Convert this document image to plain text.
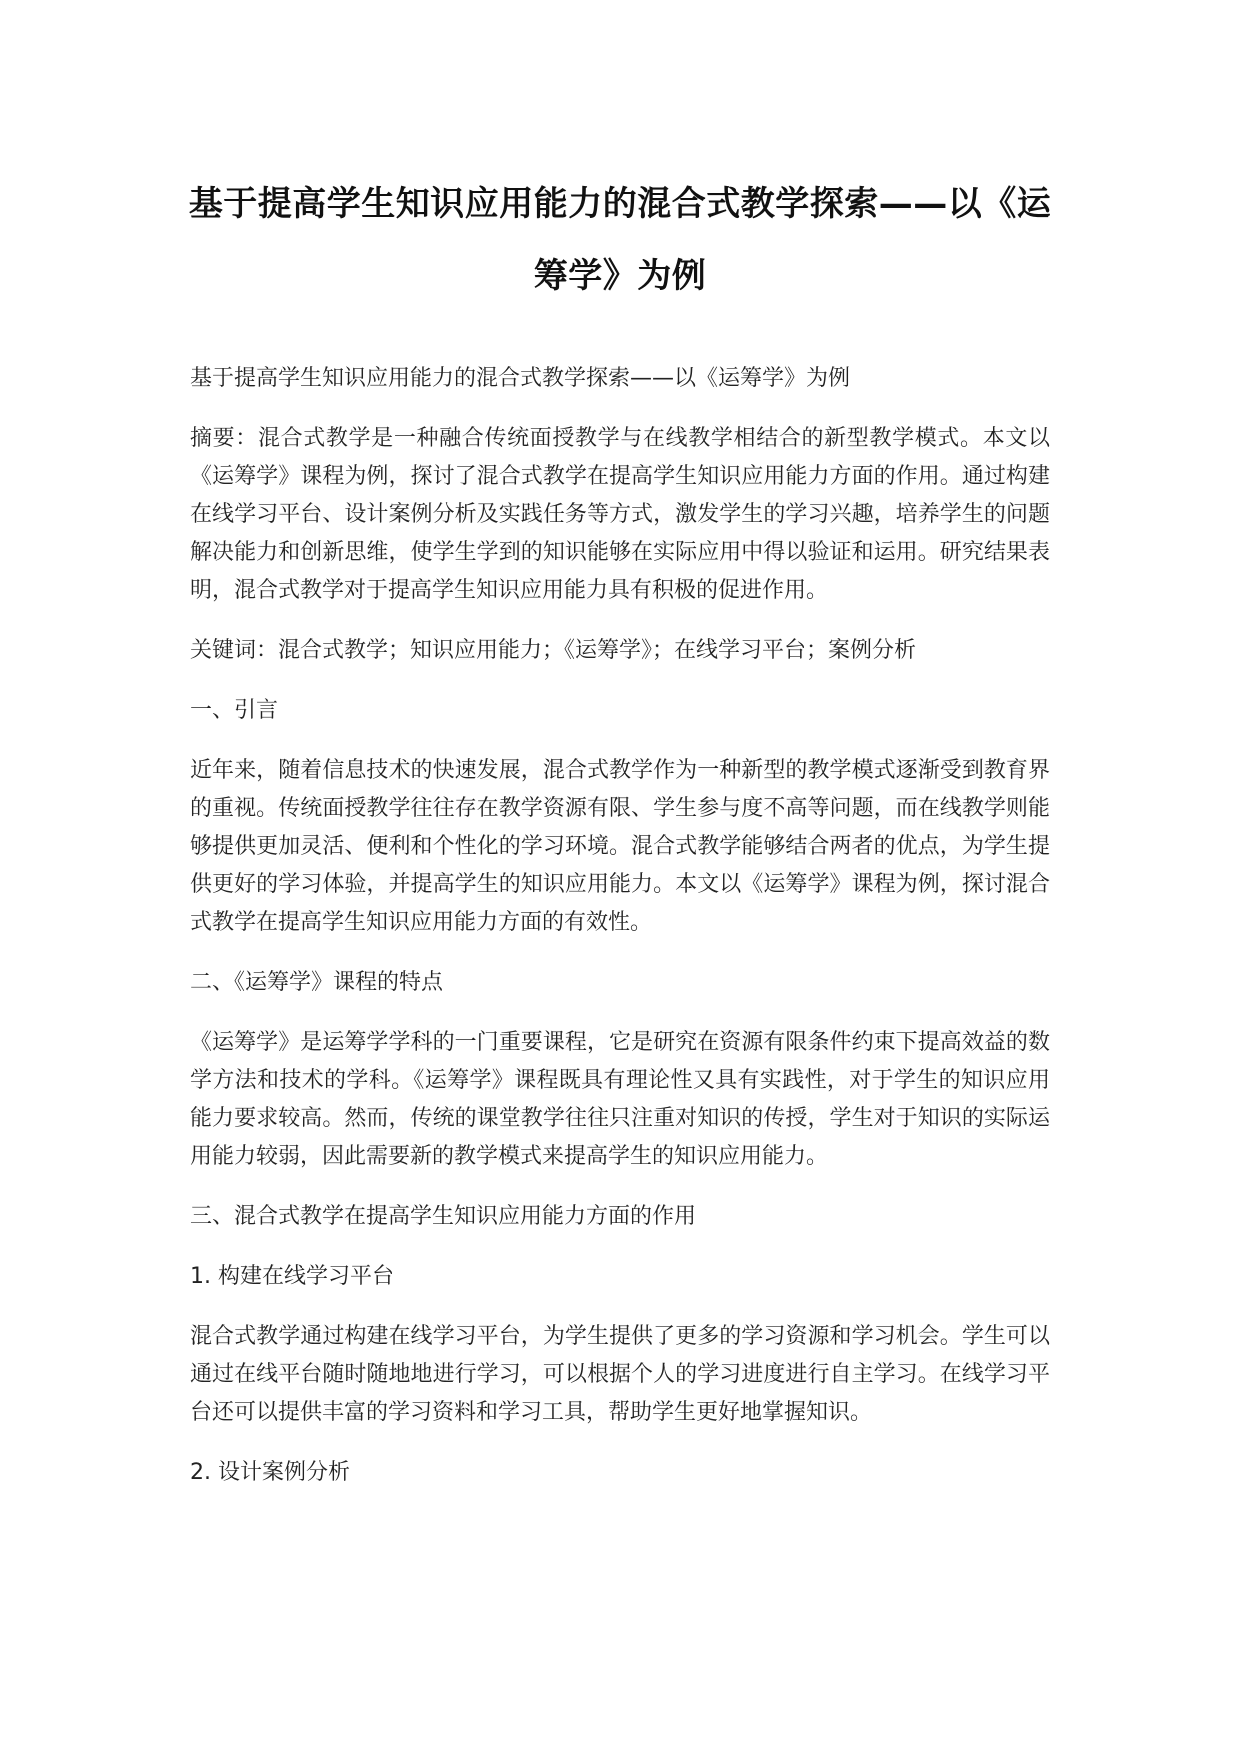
基于提高学生知识应用能力的混合式教学探索——以《运筹学》为例

基于提高学生知识应用能力的混合式教学探索——以《运筹学》为例

摘要：混合式教学是一种融合传统面授教学与在线教学相结合的新型教学模式。本文以《运筹学》课程为例，探讨了混合式教学在提高学生知识应用能力方面的作用。通过构建在线学习平台、设计案例分析及实践任务等方式，激发学生的学习兴趣，培养学生的问题解决能力和创新思维，使学生学到的知识能够在实际应用中得以验证和运用。研究结果表明，混合式教学对于提高学生知识应用能力具有积极的促进作用。

关键词：混合式教学；知识应用能力；《运筹学》；在线学习平台；案例分析

一、引言

近年来，随着信息技术的快速发展，混合式教学作为一种新型的教学模式逐渐受到教育界的重视。传统面授教学往往存在教学资源有限、学生参与度不高等问题，而在线教学则能够提供更加灵活、便利和个性化的学习环境。混合式教学能够结合两者的优点，为学生提供更好的学习体验，并提高学生的知识应用能力。本文以《运筹学》课程为例，探讨混合式教学在提高学生知识应用能力方面的有效性。

二、《运筹学》课程的特点

《运筹学》是运筹学学科的一门重要课程，它是研究在资源有限条件约束下提高效益的数学方法和技术的学科。《运筹学》课程既具有理论性又具有实践性，对于学生的知识应用能力要求较高。然而，传统的课堂教学往往只注重对知识的传授，学生对于知识的实际运用能力较弱，因此需要新的教学模式来提高学生的知识应用能力。

三、混合式教学在提高学生知识应用能力方面的作用

1. 构建在线学习平台

混合式教学通过构建在线学习平台，为学生提供了更多的学习资源和学习机会。学生可以通过在线平台随时随地地进行学习，可以根据个人的学习进度进行自主学习。在线学习平台还可以提供丰富的学习资料和学习工具，帮助学生更好地掌握知识。

2. 设计案例分析
